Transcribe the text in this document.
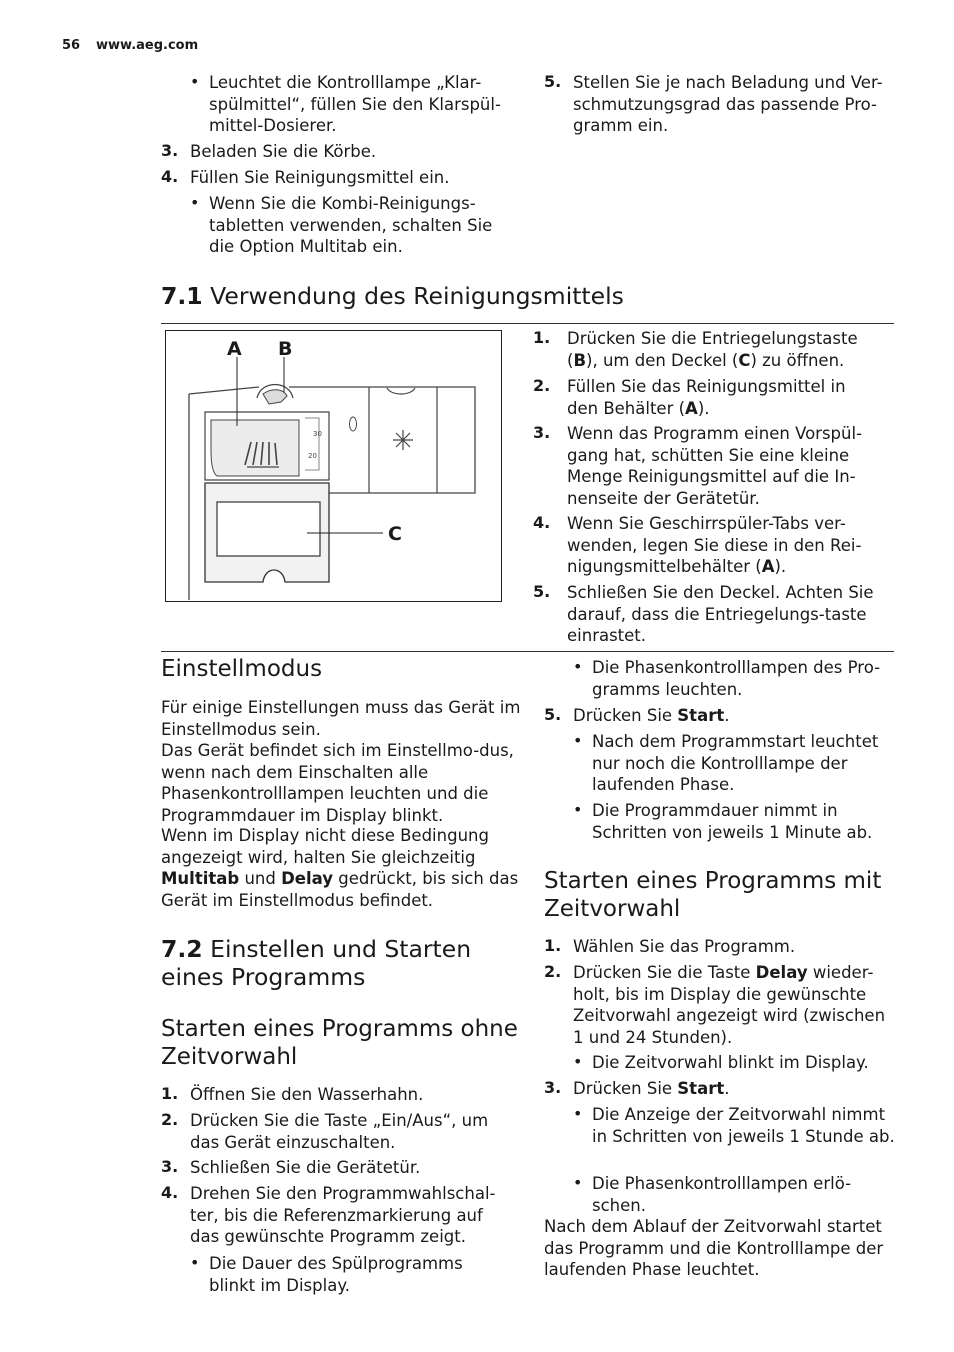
56 www.aeg.com
• Leuchtet die Kontrolllampe „Klar-spülmittel“, füllen Sie den Klarspül-mittel-Dosierer.
3. Beladen Sie die Körbe.
4. Füllen Sie Reinigungsmittel ein.
• Wenn Sie die Kombi-Reinigungs-tabletten verwenden, schalten Sie die Option Multitab ein.
5. Stellen Sie je nach Beladung und Ver-schmutzungsgrad das passende Pro-gramm ein.
7.1 Verwendung des Reinigungsmittels
30
20
A B
C
1. Drücken Sie die Entriegelungstaste (B), um den Deckel (C) zu öffnen.
2. Füllen Sie das Reinigungsmittel in den Behälter (A).
3. Wenn das Programm einen Vorspül-gang hat, schütten Sie eine kleine Menge Reinigungsmittel auf die In-nenseite der Gerätetür.
4. Wenn Sie Geschirrspüler-Tabs ver-wenden, legen Sie diese in den Rei-nigungsmittelbehälter (A).
5. Schließen Sie den Deckel. Achten Sie darauf, dass die Entriegelungs-taste einrastet.
Einstellmodus
Für einige Einstellungen muss das Gerät im Einstellmodus sein.
Das Gerät befindet sich im Einstellmo-dus, wenn nach dem Einschalten alle Phasenkontrolllampen leuchten und die Programmdauer im Display blinkt.
Wenn im Display nicht diese Bedingung angezeigt wird, halten Sie gleichzeitig Multitab und Delay gedrückt, bis sich das Gerät im Einstellmodus befindet.
7.2 Einstellen und Starten eines Programms
Starten eines Programms ohne Zeitvorwahl
1. Öffnen Sie den Wasserhahn.
2. Drücken Sie die Taste „Ein/Aus“, um das Gerät einzuschalten.
3. Schließen Sie die Gerätetür.
4. Drehen Sie den Programmwahlschal-ter, bis die Referenzmarkierung auf das gewünschte Programm zeigt.
• Die Dauer des Spülprogramms blinkt im Display.
• Die Phasenkontrolllampen des Pro-gramms leuchten.
5. Drücken Sie Start.
• Nach dem Programmstart leuchtet nur noch die Kontrolllampe der laufenden Phase.
• Die Programmdauer nimmt in Schritten von jeweils 1 Minute ab.
Starten eines Programms mit Zeitvorwahl
1. Wählen Sie das Programm.
2. Drücken Sie die Taste Delay wieder-holt, bis im Display die gewünschte Zeitvorwahl angezeigt wird (zwischen 1 und 24 Stunden).
• Die Zeitvorwahl blinkt im Display.
3. Drücken Sie Start.
• Die Anzeige der Zeitvorwahl nimmt in Schritten von jeweils 1 Stunde ab.
• Die Phasenkontrolllampen erlö-schen.
Nach dem Ablauf der Zeitvorwahl startet das Programm und die Kontrolllampe der laufenden Phase leuchtet.
